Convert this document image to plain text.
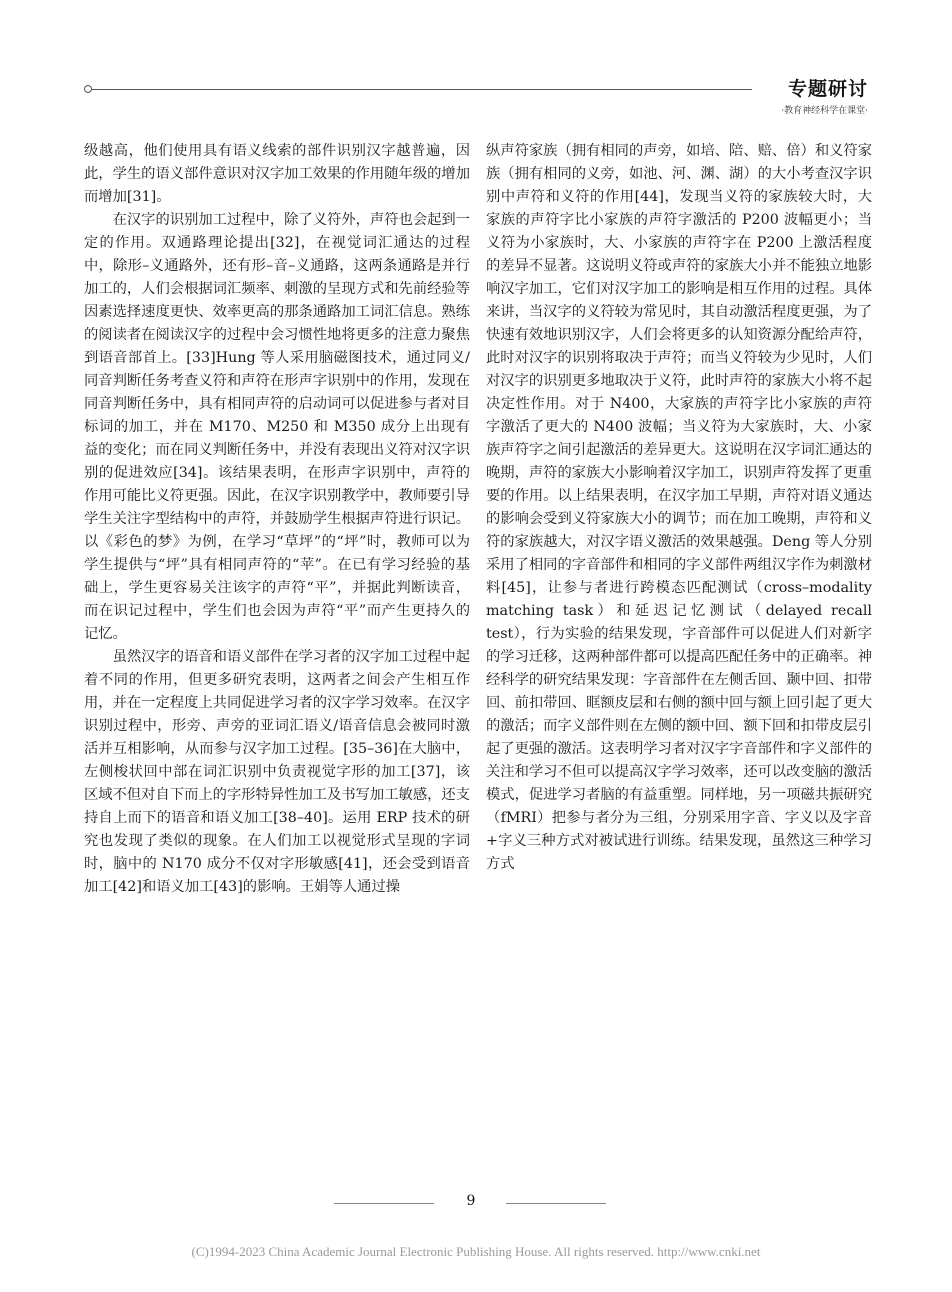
专题研讨
·教育神经科学在课堂·

级越高，他们使用具有语义线索的部件识别汉字越普遍，因此，学生的语义部件意识对汉字加工效果的作用随年级的增加而增加[31]。

在汉字的识别加工过程中，除了义符外，声符也会起到一定的作用。双通路理论提出[32]，在视觉词汇通达的过程中，除形–义通路外，还有形–音–义通路，这两条通路是并行加工的，人们会根据词汇频率、刺激的呈现方式和先前经验等因素选择速度更快、效率更高的那条通路加工词汇信息。熟练的阅读者在阅读汉字的过程中会习惯性地将更多的注意力聚焦到语音部首上。[33]Hung 等人采用脑磁图技术，通过同义/同音判断任务考查义符和声符在形声字识别中的作用，发现在同音判断任务中，具有相同声符的启动词可以促进参与者对目标词的加工，并在 M170、M250 和 M350 成分上出现有益的变化；而在同义判断任务中，并没有表现出义符对汉字识别的促进效应[34]。该结果表明，在形声字识别中，声符的作用可能比义符更强。因此，在汉字识别教学中，教师要引导学生关注字型结构中的声符，并鼓励学生根据声符进行识记。以《彩色的梦》为例，在学习“草坪”的“坪”时，教师可以为学生提供与“坪”具有相同声符的“苹”。在已有学习经验的基础上，学生更容易关注该字的声符“平”，并据此判断读音，而在识记过程中，学生们也会因为声符“平”而产生更持久的记忆。

虽然汉字的语音和语义部件在学习者的汉字加工过程中起着不同的作用，但更多研究表明，这两者之间会产生相互作用，并在一定程度上共同促进学习者的汉字学习效率。在汉字识别过程中，形旁、声旁的亚词汇语义/语音信息会被同时激活并互相影响，从而参与汉字加工过程。[35–36]在大脑中，左侧梭状回中部在词汇识别中负责视觉字形的加工[37]，该区域不但对自下而上的字形特异性加工及书写加工敏感，还支持自上而下的语音和语义加工[38–40]。运用 ERP 技术的研究也发现了类似的现象。在人们加工以视觉形式呈现的字词时，脑中的 N170 成分不仅对字形敏感[41]，还会受到语音加工[42]和语义加工[43]的影响。王娟等人通过操

纵声符家族（拥有相同的声旁，如培、陪、赔、倍）和义符家族（拥有相同的义旁，如池、河、渊、湖）的大小考查汉字识别中声符和义符的作用[44]，发现当义符的家族较大时，大家族的声符字比小家族的声符字激活的 P200 波幅更小；当义符为小家族时，大、小家族的声符字在 P200 上激活程度的差异不显著。这说明义符或声符的家族大小并不能独立地影响汉字加工，它们对汉字加工的影响是相互作用的过程。具体来讲，当汉字的义符较为常见时，其自动激活程度更强，为了快速有效地识别汉字，人们会将更多的认知资源分配给声符，此时对汉字的识别将取决于声符；而当义符较为少见时，人们对汉字的识别更多地取决于义符，此时声符的家族大小将不起决定性作用。对于 N400，大家族的声符字比小家族的声符字激活了更大的 N400 波幅；当义符为大家族时，大、小家族声符字之间引起激活的差异更大。这说明在汉字词汇通达的晚期，声符的家族大小影响着汉字加工，识别声符发挥了更重要的作用。以上结果表明，在汉字加工早期，声符对语义通达的影响会受到义符家族大小的调节；而在加工晚期，声符和义符的家族越大，对汉字语义激活的效果越强。Deng 等人分别采用了相同的字音部件和相同的字义部件两组汉字作为刺激材料[45]，让参与者进行跨模态匹配测试（cross–modality matching task）和延迟记忆测试（delayed recall test），行为实验的结果发现，字音部件可以促进人们对新字的学习迁移，这两种部件都可以提高匹配任务中的正确率。神经科学的研究结果发现：字音部件在左侧舌回、颞中回、扣带回、前扣带回、眶额皮层和右侧的额中回与额上回引起了更大的激活；而字义部件则在左侧的额中回、额下回和扣带皮层引起了更强的激活。这表明学习者对汉字字音部件和字义部件的关注和学习不但可以提高汉字学习效率，还可以改变脑的激活模式，促进学习者脑的有益重塑。同样地，另一项磁共振研究（fMRI）把参与者分为三组，分别采用字音、字义以及字音+字义三种方式对被试进行训练。结果发现，虽然这三种学习方式

9
(C)1994-2023 China Academic Journal Electronic Publishing House. All rights reserved. http://www.cnki.net
